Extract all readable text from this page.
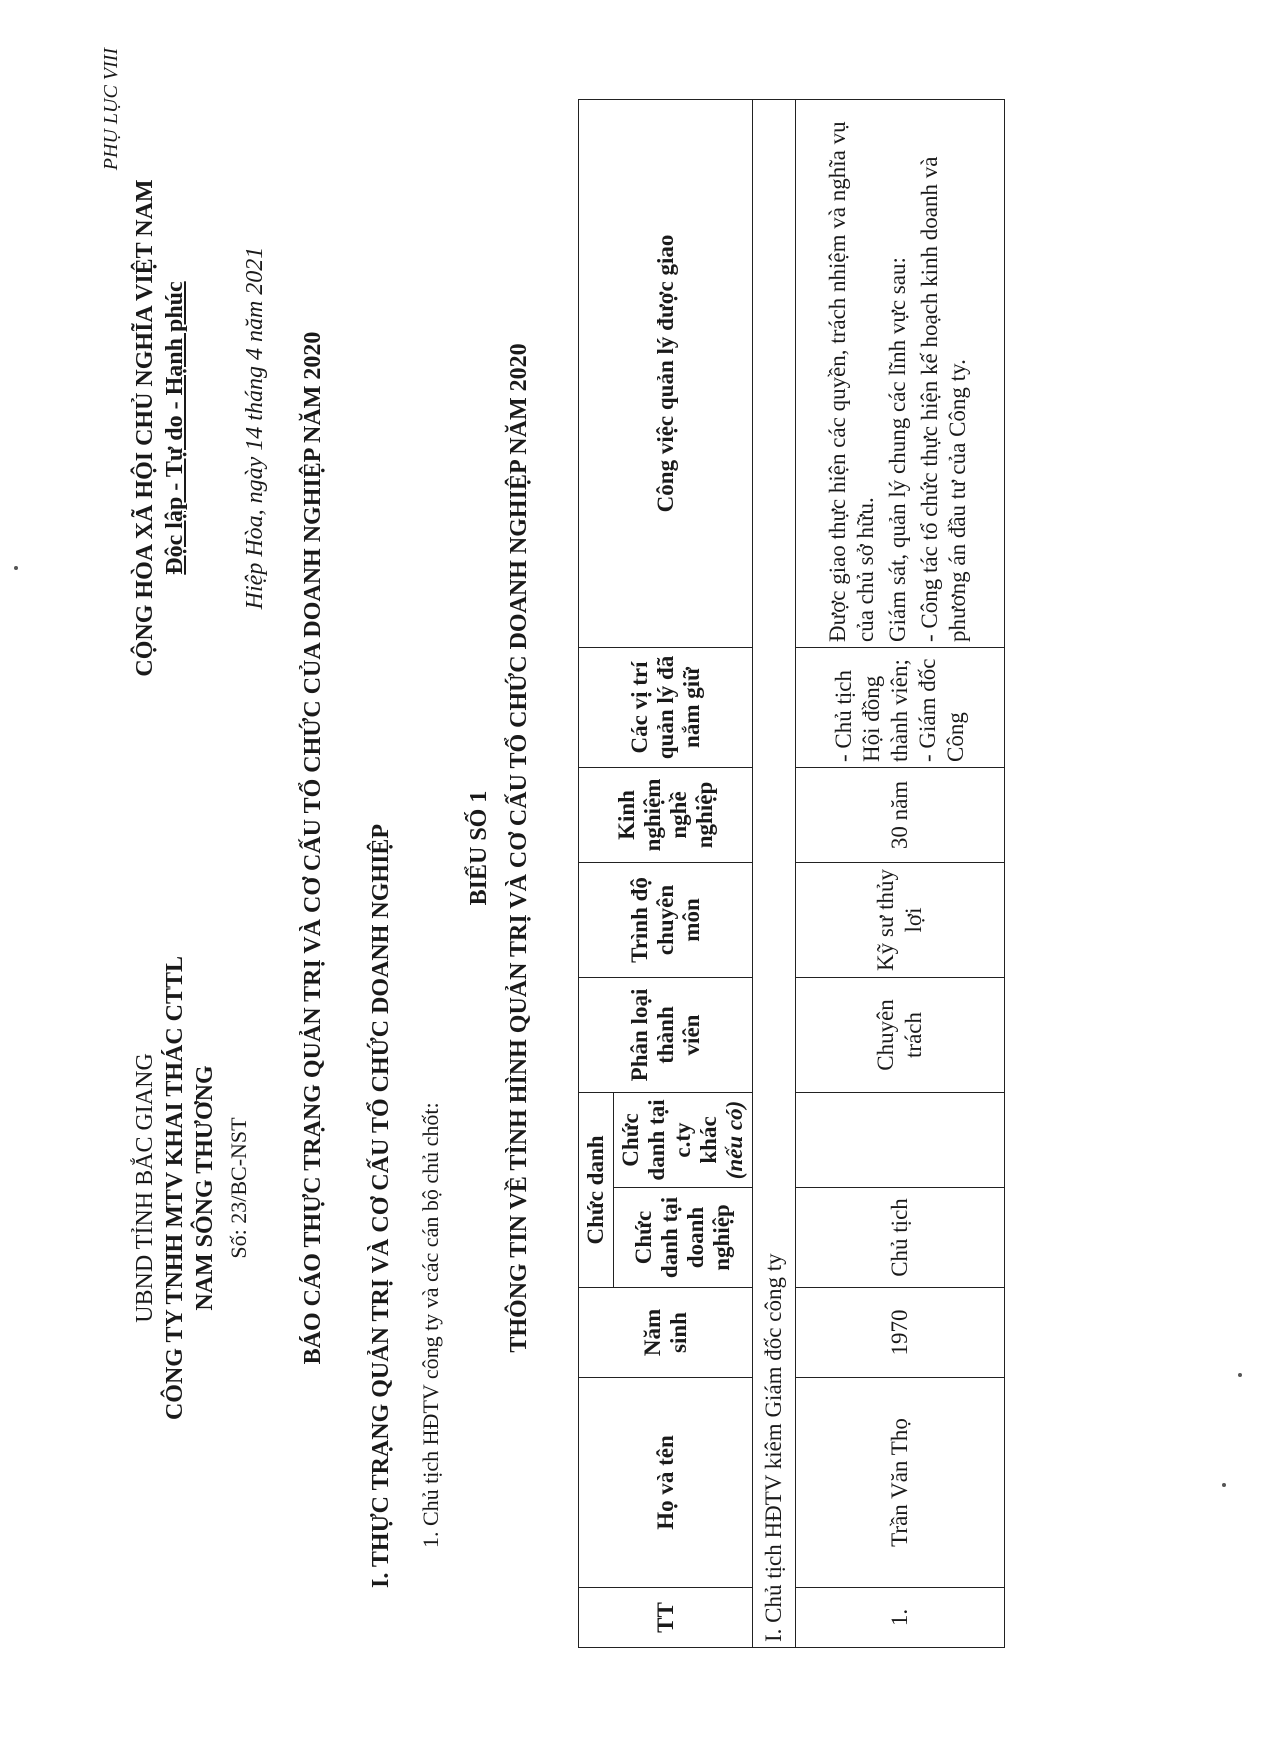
PHỤ LỤC VIII
UBND TỈNH BẮC GIANG CÔNG TY TNHH MTV KHAI THÁC CTTL NAM SÔNG THƯƠNG Số: 23/BC-NST
CỘNG HÒA XÃ HỘI CHỦ NGHĨA VIỆT NAM Độc lập - Tự do - Hạnh phúc Hiệp Hòa, ngày 14 tháng 4 năm 2021 BÁO CÁO THỰC TRẠNG QUẢN TRỊ VÀ CƠ CẤU TỔ CHỨC CỦA DOANH NGHIỆP NĂM 2020 I. THỰC TRẠNG QUẢN TRỊ VÀ CƠ CẤU TỔ CHỨC DOANH NGHIỆP 1. Chủ tịch HĐTV công ty và các cán bộ chủ chốt:
BIỂU SỐ 1 THÔNG TIN VỀ TÌNH HÌNH QUẢN TRỊ VÀ CƠ CẤU TỔ CHỨC DOANH NGHIỆP NĂM 2020
TT	Họ và tên	Năm sinh	Chức danh		Phân loại thành viên	Trình độ chuyên môn	Kinh nghiệm nghề nghiệp	Các vị trí quản lý đã nắm giữ	Công việc quản lý được giao
			Chức danh tại doanh nghiệp	Chức danh tại c.ty khác (nếu có)					
I. Chủ tịch HĐTV kiêm Giám đốc công ty									
1.	Trần Văn Thọ	1970	Chủ tịch		Chuyên trách	Kỹ sư thủy lợi	30 năm	- Chủ tịch Hội đồng thành viên; - Giám đốc Công	Được giao thực hiện các quyền, trách nhiệm và nghĩa vụ của chủ sở hữu. Giám sát, quản lý chung các lĩnh vực sau: - Công tác tổ chức thực hiện kế hoạch kinh doanh và phương án đầu tư của Công ty.
